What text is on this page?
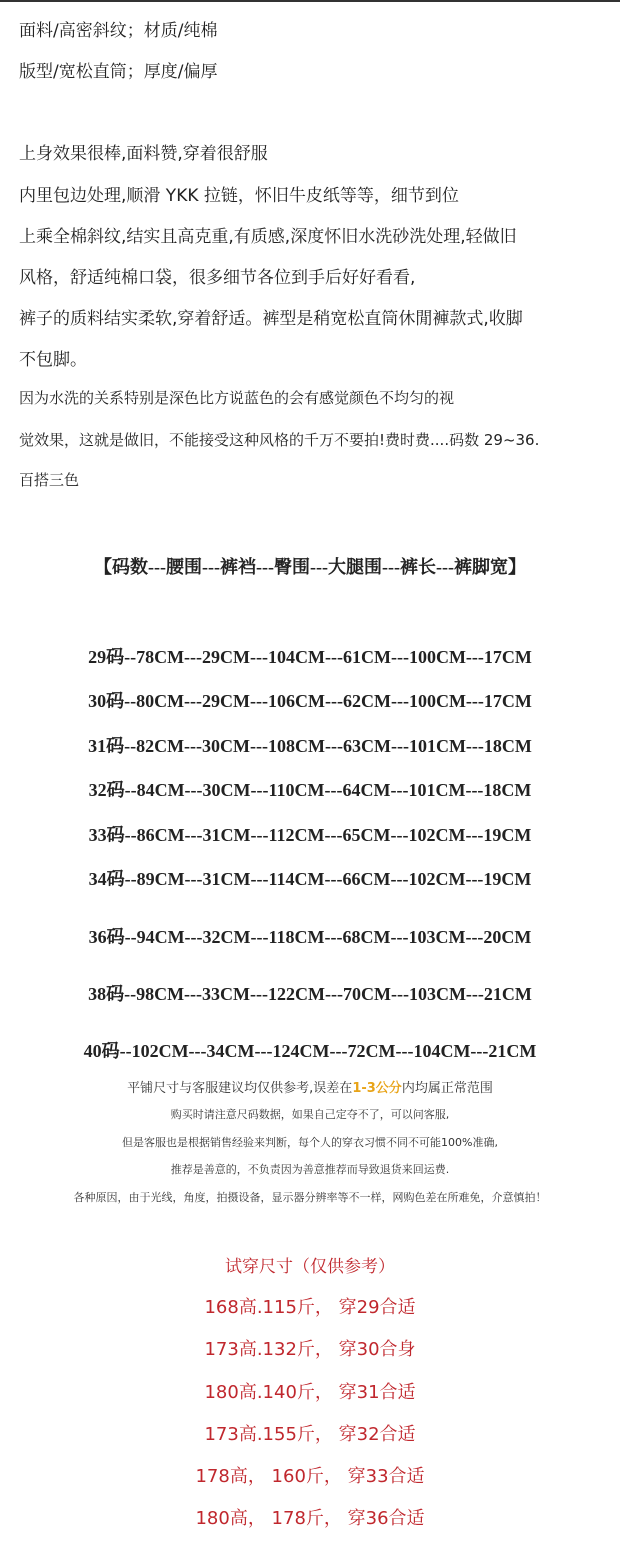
面料/高密斜纹；材质/纯棉
版型/宽松直筒；厚度/偏厚
上身效果很棒,面料赞,穿着很舒服
内里包边处理,顺滑 YKK 拉链，怀旧牛皮纸等等，细节到位
上乘全棉斜纹,结实且高克重,有质感,深度怀旧水洗砂洗处理,轻做旧
风格，舒适纯棉口袋，很多细节各位到手后好好看看,
裤子的质料结实柔软,穿着舒适。裤型是稍宽松直筒休閒褲款式,收脚
不包脚。
因为水洗的关系特别是深色比方说蓝色的会有感觉颜色不均匀的视
觉效果，这就是做旧，不能接受这种风格的千万不要拍!费时费....码数 29~36.
百搭三色
【码数---腰围---裤裆---臀围---大腿围---裤长---裤脚宽】
29码--78CM---29CM---104CM---61CM---100CM---17CM
30码--80CM---29CM---106CM---62CM---100CM---17CM
31码--82CM---30CM---108CM---63CM---101CM---18CM
32码--84CM---30CM---110CM---64CM---101CM---18CM
33码--86CM---31CM---112CM---65CM---102CM---19CM
34码--89CM---31CM---114CM---66CM---102CM---19CM
36码--94CM---32CM---118CM---68CM---103CM---20CM
38码--98CM---33CM---122CM---70CM---103CM---21CM
40码--102CM---34CM---124CM---72CM---104CM---21CM
平铺尺寸与客服建议均仅供参考,误差在1-3公分内均属正常范围
购买时请注意尺码数据，如果自己定夺不了，可以问客服,
但是客服也是根据销售经验来判断，每个人的穿衣习惯不同不可能100%准确,
推荐是善意的，不负责因为善意推荐而导致退货来回运费.
各种原因，由于光线，角度，拍摄设备，显示器分辨率等不一样，网购色差在所难免，介意慎拍！
试穿尺寸（仅供参考）
168高.115斤， 穿29合适
173高.132斤， 穿30合身
180高.140斤， 穿31合适
173高.155斤， 穿32合适
178高， 160斤， 穿33合适
180高， 178斤， 穿36合适
